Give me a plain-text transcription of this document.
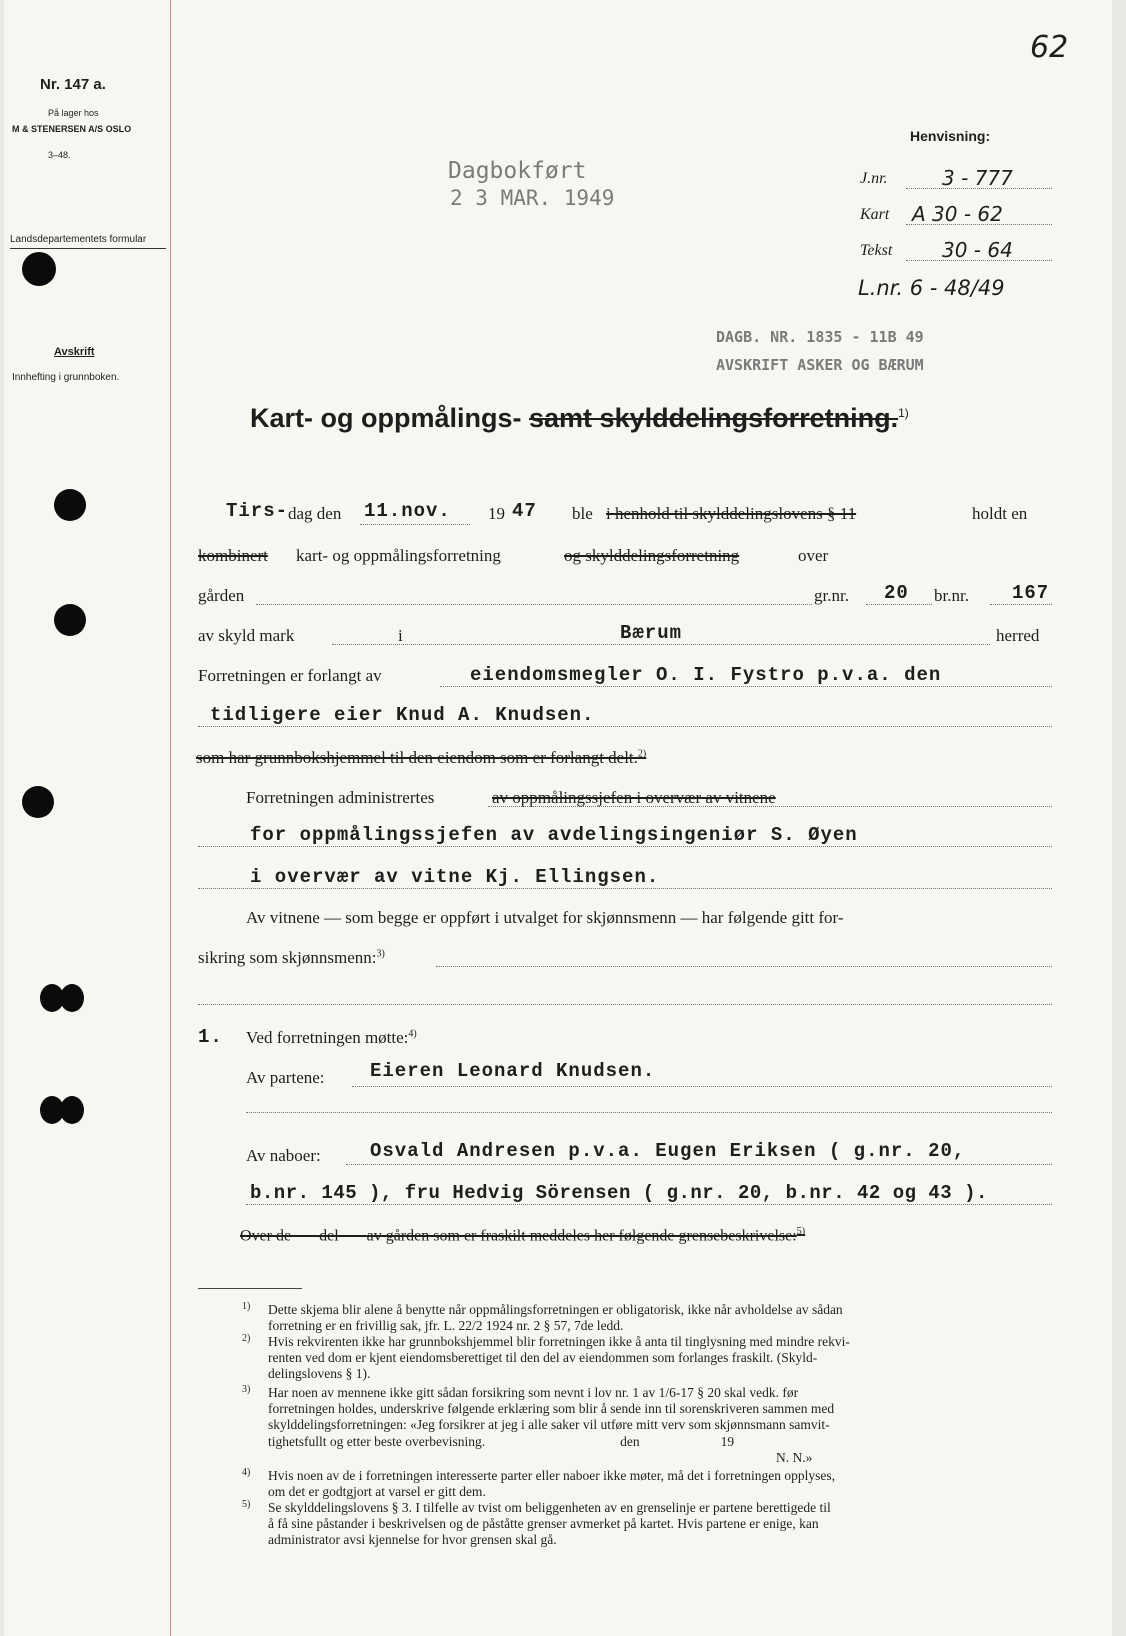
62
Nr. 147 a.
På lager hos
M & STENERSEN A/S OSLO
3–48.
Landsdepartementets formular
Avskrift
Innhefting i grunnboken.
Dagbokført
2 3 MAR. 1949
Henvisning:
J.nr.	3 - 777
Kart A 30 - 62
Tekst 30 - 64
L.nr. 6 - 48/49
DAGB. NR. 1835 - 11B 49
AVSKRIFT ASKER OG BÆRUM
Kart- og oppmålings- samt skylddelingsforretning.$^{1)}$
Tirs- dag den 11.nov. 19 47 ble i henhold til skylddelingslovens § 11	holdt en
kombinert kart- og oppmålingsforretning	og skylddelingsforretning	over
gården	gr.nr. 20 br.nr. 167
av skyld mark	i	Bærum	herred
Forretningen er forlangt av	eiendomsmegler O. I. Fystro p.v.a. den
tidligere eier Knud A. Knudsen.
som har grunnbokshjemmel til den eiendom som er forlangt delt.$^{2)}$
Forretningen administrertes	av oppmålingssjefen i overvær av vitnene
for oppmålingssjefen av avdelingsingeniør S. Øyen
i overvær av vitne Kj. Ellingsen.
Av vitnene — som begge er oppført i utvalget for skjønnsmenn — har følgende gitt for-
sikring som skjønnsmenn:$^{3)}$
1. Ved forretningen møtte:$^{4)}$
Av partene: Eieren Leonard Knudsen.
Av naboer:	Osvald Andresen p.v.a. Eugen Eriksen ( g.nr. 20,
b.nr. 145 ), fru Hedvig Sörensen ( g.nr. 20, b.nr. 42 og 43 ).
Over de       del       av gården som er fraskilt meddeles her følgende grensebeskrivelse:$^{5)}$
1) Dette skjema blir alene å benytte når oppmålingsforretningen er obligatorisk, ikke når avholdelse av sådan
forretning er en frivillig sak, jfr. L. 22/2 1924 nr. 2 § 57, 7de ledd.
2) Hvis rekvirenten ikke har grunnbokshjemmel blir forretningen ikke å anta til tinglysning med mindre rekvi-
renten ved dom er kjent eiendomsberettiget til den del av eiendommen som forlanges fraskilt. (Skyld-
delingslovens § 1).
3) Har noen av mennene ikke gitt sådan forsikring som nevnt i lov nr. 1 av 1/6-17 § 20 skal vedk. før
forretningen holdes, underskrive følgende erklæring som blir å sende inn til sorenskriveren sammen med
skylddelingsforretningen: «Jeg forsikrer at jeg i alle saker vil utføre mitt verv som skjønnsmann samvit-
tighetsfullt og etter beste overbevisning.                                        den                        19
N. N.»
4) Hvis noen av de i forretningen interesserte parter eller naboer ikke møter, må det i forretningen opplyses,
om det er godtgjort at varsel er gitt dem.
5) Se skylddelingslovens § 3. I tilfelle av tvist om beliggenheten av en grenselinje er partene berettigede til
å få sine påstander i beskrivelsen og de påståtte grenser avmerket på kartet. Hvis partene er enige, kan
administrator avsi kjennelse for hvor grensen skal gå.
